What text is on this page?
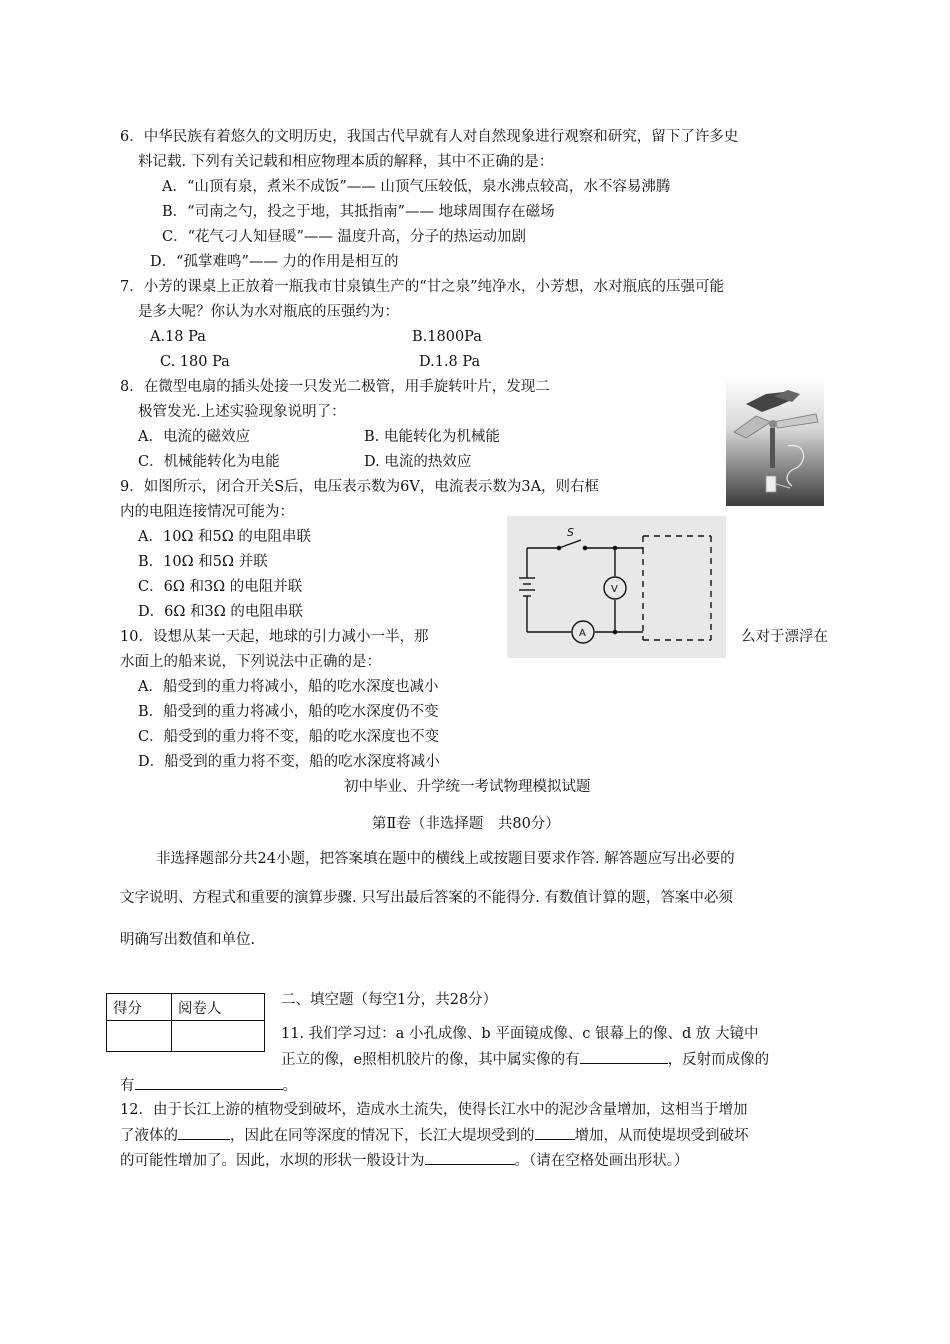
6．中华民族有着悠久的文明历史，我国古代早就有人对自然现象进行观察和研究，留下了许多史
料记载. 下列有关记载和相应物理本质的解释，其中不正确的是：
A．“山顶有泉，煮米不成饭”—— 山顶气压较低，泉水沸点较高，水不容易沸腾
B．“司南之勺，投之于地，其抵指南”—— 地球周围存在磁场
C．“花气刁人知昼暖”—— 温度升高，分子的热运动加剧
D．“孤掌难鸣”—— 力的作用是相互的
7．小芳的课桌上正放着一瓶我市甘泉镇生产的“甘之泉”纯净水，小芳想，水对瓶底的压强可能
是多大呢？你认为水对瓶底的压强约为：
A.18 Pa	B.1800Pa
C. 180 Pa	D.1.8 Pa
8．在微型电扇的插头处接一只发光二极管，用手旋转叶片，发现二
极管发光.上述实验现象说明了：
A．电流的磁效应	B. 电能转化为机械能
C．机械能转化为电能	D. 电流的热效应
9．如图所示，闭合开关S后，电压表示数为6V，电流表示数为3A，则右框
内的电阻连接情况可能为：
A．10Ω 和5Ω 的电阻串联
B．10Ω 和5Ω 并联
C．6Ω 和3Ω 的电阻并联
D．6Ω 和3Ω 的电阻串联
S
V
A
10．设想从某一天起，地球的引力减小一半，那	么对于漂浮在
水面上的船来说，下列说法中正确的是：
A．船受到的重力将减小，船的吃水深度也减小
B．船受到的重力将减小，船的吃水深度仍不变
C．船受到的重力将不变，船的吃水深度也不变
D．船受到的重力将不变，船的吃水深度将减小
初中毕业、升学统一考试物理模拟试题
第Ⅱ卷（非选择题　共80分）
非选择题部分共24小题，把答案填在题中的横线上或按题目要求作答. 解答题应写出必要的
文字说明、方程式和重要的演算步骤. 只写出最后答案的不能得分. 有数值计算的题，答案中必须
明确写出数值和单位.
得分	阅卷人

二、填空题（每空1分，共28分）
11. 我们学习过：a 小孔成像、b 平面镜成像、c 银幕上的像、d 放 大镜中
正立的像，e照相机胶片的像，其中属实像的有	，反射而成像的
有	。
12．由于长江上游的植物受到破坏，造成水土流失，使得长江水中的泥沙含量增加，这相当于增加
了液体的	，因此在同等深度的情况下，长江大堤坝受到的	增加，从而使堤坝受到破坏
的可能性增加了。因此，水坝的形状一般设计为	。（请在空格处画出形状。）
